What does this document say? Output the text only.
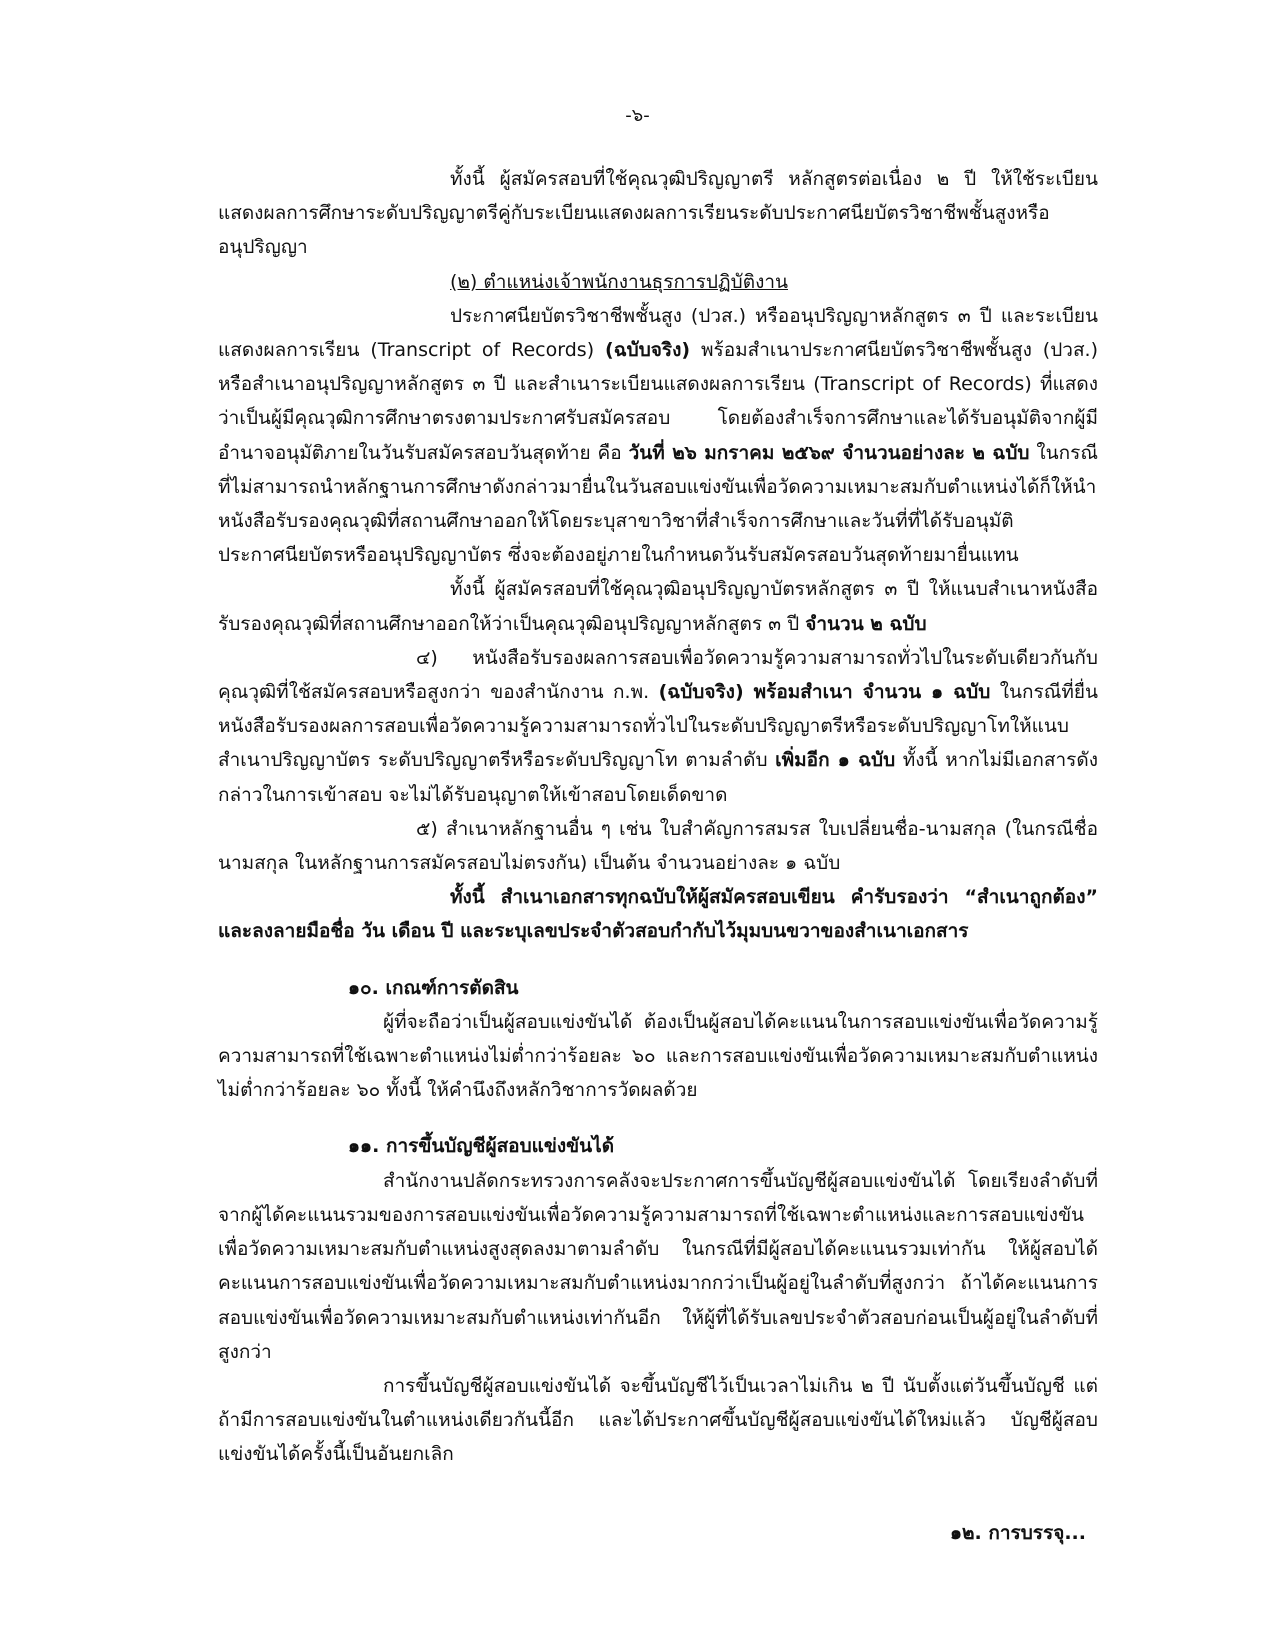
-๖-

ทั้งนี้ ผู้สมัครสอบที่ใช้คุณวุฒิปริญญาตรี หลักสูตรต่อเนื่อง ๒ ปี ให้ใช้ระเบียนแสดงผลการศึกษาระดับปริญญาตรีคู่กับระเบียนแสดงผลการเรียนระดับประกาศนียบัตรวิชาชีพชั้นสูงหรืออนุปริญญา

(๒) ตำแหน่งเจ้าพนักงานธุรการปฏิบัติงาน

ประกาศนียบัตรวิชาชีพชั้นสูง (ปวส.) หรืออนุปริญญาหลักสูตร ๓ ปี และระเบียนแสดงผลการเรียน (Transcript of Records) (ฉบับจริง) พร้อมสำเนาประกาศนียบัตรวิชาชีพชั้นสูง (ปวส.) หรือสำเนาอนุปริญญาหลักสูตร ๓ ปี และสำเนาระเบียนแสดงผลการเรียน (Transcript of Records) ที่แสดงว่าเป็นผู้มีคุณวุฒิการศึกษาตรงตามประกาศรับสมัครสอบ โดยต้องสำเร็จการศึกษาและได้รับอนุมัติจากผู้มีอำนาจอนุมัติภายในวันรับสมัครสอบวันสุดท้าย คือ วันที่ ๒๖ มกราคม ๒๕๖๙ จำนวนอย่างละ ๒ ฉบับ ในกรณีที่ไม่สามารถนำหลักฐานการศึกษาดังกล่าวมายื่นในวันสอบแข่งขันเพื่อวัดความเหมาะสมกับตำแหน่งได้ก็ให้นำหนังสือรับรองคุณวุฒิที่สถานศึกษาออกให้โดยระบุสาขาวิชาที่สำเร็จการศึกษาและวันที่ที่ได้รับอนุมัติประกาศนียบัตรหรืออนุปริญญาบัตร ซึ่งจะต้องอยู่ภายในกำหนดวันรับสมัครสอบวันสุดท้ายมายื่นแทน

ทั้งนี้ ผู้สมัครสอบที่ใช้คุณวุฒิอนุปริญญาบัตรหลักสูตร ๓ ปี ให้แนบสำเนาหนังสือรับรองคุณวุฒิที่สถานศึกษาออกให้ว่าเป็นคุณวุฒิอนุปริญญาหลักสูตร ๓ ปี จำนวน ๒ ฉบับ

๔) หนังสือรับรองผลการสอบเพื่อวัดความรู้ความสามารถทั่วไปในระดับเดียวกันกับคุณวุฒิที่ใช้สมัครสอบหรือสูงกว่า ของสำนักงาน ก.พ. (ฉบับจริง) พร้อมสำเนา จำนวน ๑ ฉบับ ในกรณีที่ยื่นหนังสือรับรองผลการสอบเพื่อวัดความรู้ความสามารถทั่วไปในระดับปริญญาตรีหรือระดับปริญญาโทให้แนบสำเนาปริญญาบัตร ระดับปริญญาตรีหรือระดับปริญญาโท ตามลำดับ เพิ่มอีก ๑ ฉบับ ทั้งนี้ หากไม่มีเอกสารดังกล่าวในการเข้าสอบ จะไม่ได้รับอนุญาตให้เข้าสอบโดยเด็ดขาด

๕) สำเนาหลักฐานอื่น ๆ เช่น ใบสำคัญการสมรส ใบเปลี่ยนชื่อ-นามสกุล (ในกรณีชื่อนามสกุล ในหลักฐานการสมัครสอบไม่ตรงกัน) เป็นต้น จำนวนอย่างละ ๑ ฉบับ

ทั้งนี้ สำเนาเอกสารทุกฉบับให้ผู้สมัครสอบเขียน คำรับรองว่า “ สำเนาถูกต้อง ” และลงลายมือชื่อ วัน เดือน ปี และระบุเลขประจำตัวสอบกำกับไว้มุมบนขวาของสำเนาเอกสาร

๑๐. เกณฑ์การตัดสิน

ผู้ที่จะถือว่าเป็นผู้สอบแข่งขันได้ ต้องเป็นผู้สอบได้คะแนนในการสอบแข่งขันเพื่อวัดความรู้ความสามารถที่ใช้เฉพาะตำแหน่งไม่ต่ำกว่าร้อยละ ๖๐ และการสอบแข่งขันเพื่อวัดความเหมาะสมกับตำแหน่งไม่ต่ำกว่าร้อยละ ๖๐ ทั้งนี้ ให้คำนึงถึงหลักวิชาการวัดผลด้วย

๑๑. การขึ้นบัญชีผู้สอบแข่งขันได้

สำนักงานปลัดกระทรวงการคลังจะประกาศการขึ้นบัญชีผู้สอบแข่งขันได้ โดยเรียงลำดับที่จากผู้ได้คะแนนรวมของการสอบแข่งขันเพื่อวัดความรู้ความสามารถที่ใช้เฉพาะตำแหน่งและการสอบแข่งขันเพื่อวัดความเหมาะสมกับตำแหน่งสูงสุดลงมาตามลำดับ ในกรณีที่มีผู้สอบได้คะแนนรวมเท่ากัน ให้ผู้สอบได้คะแนนการสอบแข่งขันเพื่อวัดความเหมาะสมกับตำแหน่งมากกว่าเป็นผู้อยู่ในลำดับที่สูงกว่า ถ้าได้คะแนนการสอบแข่งขันเพื่อวัดความเหมาะสมกับตำแหน่งเท่ากันอีก ให้ผู้ที่ได้รับเลขประจำตัวสอบก่อนเป็นผู้อยู่ในลำดับที่สูงกว่า

การขึ้นบัญชีผู้สอบแข่งขันได้ จะขึ้นบัญชีไว้เป็นเวลาไม่เกิน ๒ ปี นับตั้งแต่วันขึ้นบัญชี แต่ถ้ามีการสอบแข่งขันในตำแหน่งเดียวกันนี้อีก และได้ประกาศขึ้นบัญชีผู้สอบแข่งขันได้ใหม่แล้ว บัญชีผู้สอบแข่งขันได้ครั้งนี้เป็นอันยกเลิก

๑๒. การบรรจุ...
